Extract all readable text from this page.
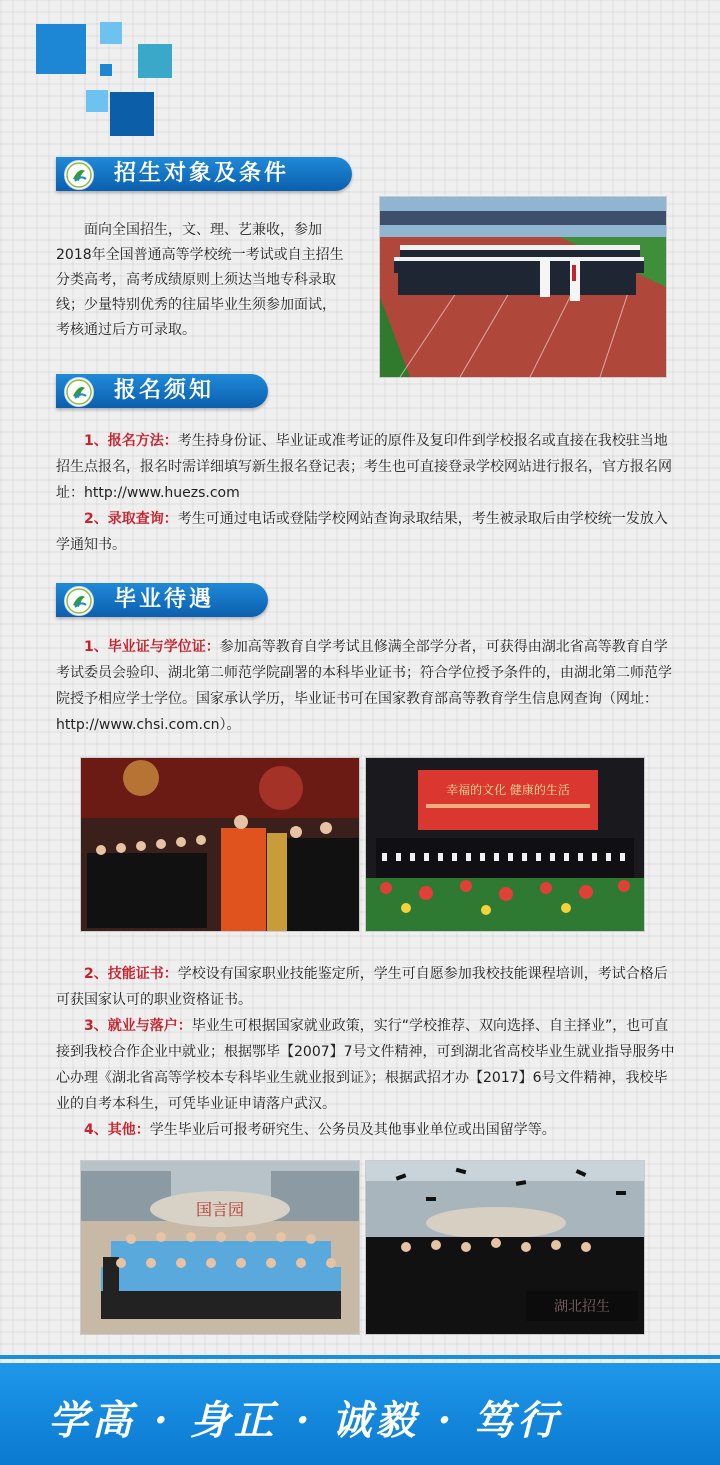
招生对象及条件
面向全国招生，文、理、艺兼收，参加
2018年全国普通高等学校统一考试或自主招生
分类高考，高考成绩原则上须达当地专科录取
线；少量特别优秀的往届毕业生须参加面试，
考核通过后方可录取。
报名须知

1、报名方法：考生持身份证、毕业证或准考证的原件及复印件到学校报名或直接在我校驻当地招生点报名，报名时需详细填写新生报名登记表；考生也可直接登录学校网站进行报名，官方报名网址：http://www.huezs.com

2、录取查询：考生可通过电话或登陆学校网站查询录取结果，考生被录取后由学校统一发放入学通知书。

毕业待遇

1、毕业证与学位证：参加高等教育自学考试且修满全部学分者，可获得由湖北省高等教育自学考试委员会验印、湖北第二师范学院副署的本科毕业证书；符合学位授予条件的，由湖北第二师范学院授予相应学士学位。国家承认学历，毕业证书可在国家教育部高等教育学生信息网查询（网址：http://www.chsi.com.cn）。

幸福的文化 健康的生活

2、技能证书：学校设有国家职业技能鉴定所，学生可自愿参加我校技能课程培训，考试合格后可获国家认可的职业资格证书。

3、就业与落户：毕业生可根据国家就业政策，实行“学校推荐、双向选择、自主择业”，也可直接到我校合作企业中就业；根据鄂毕【2007】7号文件精神，可到湖北省高校毕业生就业指导服务中心办理《湖北省高等学校本专科毕业生就业报到证》；根据武招才办【2017】6号文件精神，我校毕业的自考本科生，可凭毕业证申请落户武汉。

4、其他：学生毕业后可报考研究生、公务员及其他事业单位或出国留学等。

国言园
湖北招生
学高 · 身正 · 诚毅 · 笃行
